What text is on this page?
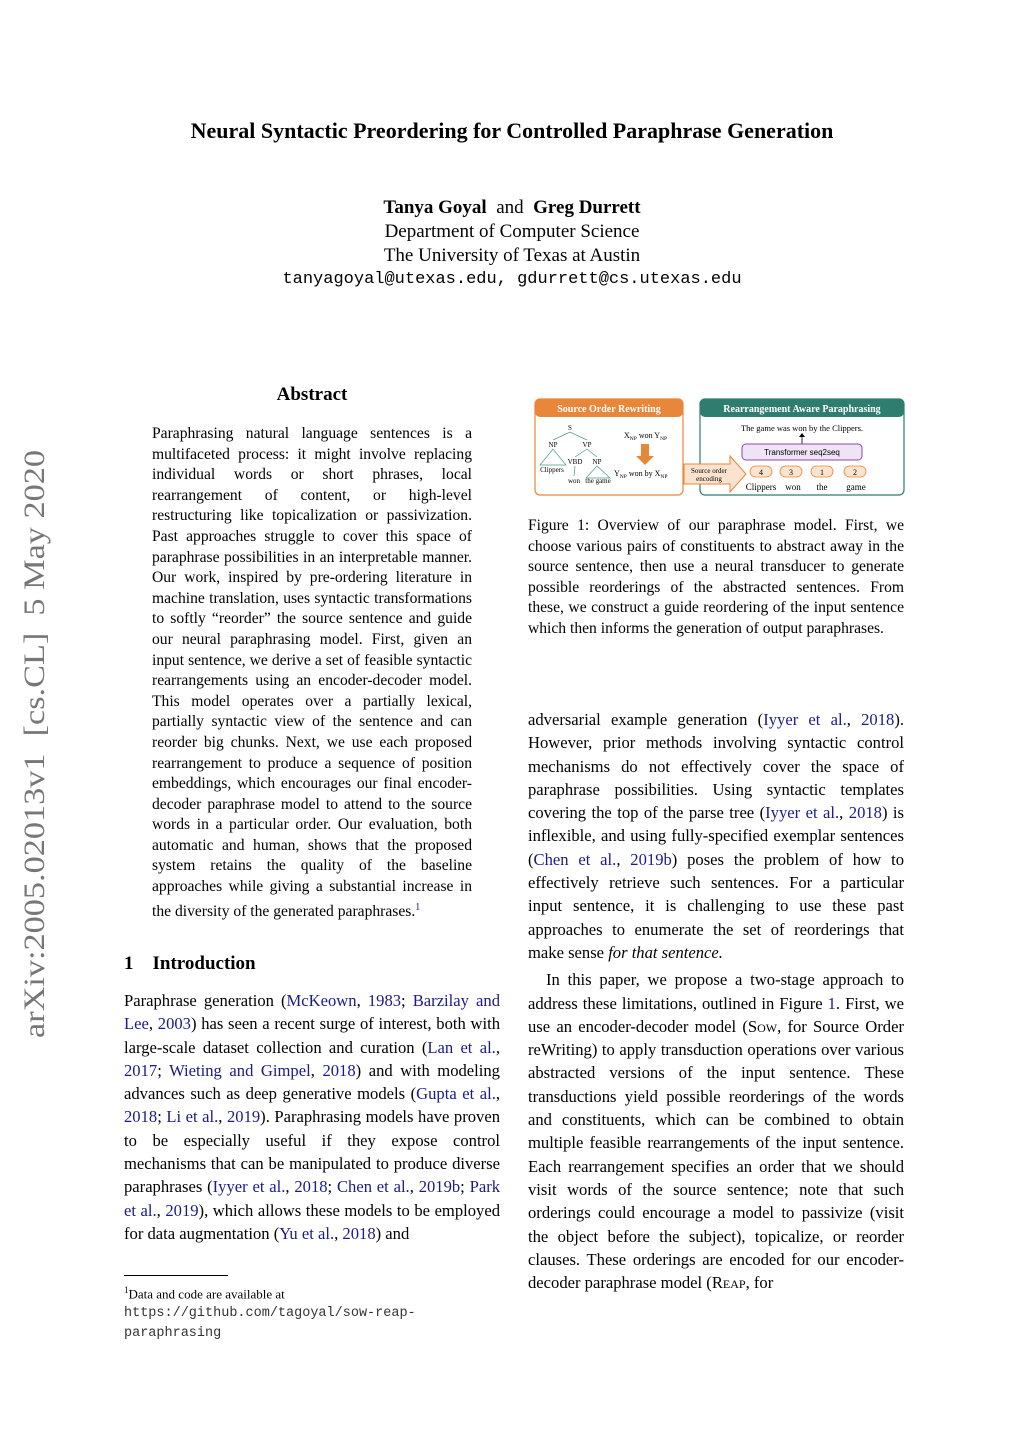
Neural Syntactic Preordering for Controlled Paraphrase Generation
Tanya Goyal and Greg Durrett
Department of Computer Science
The University of Texas at Austin
tanyagoyal@utexas.edu, gdurrett@cs.utexas.edu
arXiv:2005.02013v1  [cs.CL]  5 May 2020
Abstract
Paraphrasing natural language sentences is a multifaceted process: it might involve replacing individual words or short phrases, local rearrangement of content, or high-level restructuring like topicalization or passivization. Past approaches struggle to cover this space of paraphrase possibilities in an interpretable manner. Our work, inspired by pre-ordering literature in machine translation, uses syntactic transformations to softly “reorder” the source sentence and guide our neural paraphrasing model. First, given an input sentence, we derive a set of feasible syntactic rearrangements using an encoder-decoder model. This model operates over a partially lexical, partially syntactic view of the sentence and can reorder big chunks. Next, we use each proposed rearrangement to produce a sequence of position embeddings, which encourages our final encoder-decoder paraphrase model to attend to the source words in a particular order. Our evaluation, both automatic and human, shows that the proposed system retains the quality of the baseline approaches while giving a substantial increase in the diversity of the generated paraphrases.$^1$
1 Introduction
Paraphrase generation (McKeown, 1983; Barzilay and Lee, 2003) has seen a recent surge of interest, both with large-scale dataset collection and curation (Lan et al., 2017; Wieting and Gimpel, 2018) and with modeling advances such as deep generative models (Gupta et al., 2018; Li et al., 2019). Paraphrasing models have proven to be especially useful if they expose control mechanisms that can be manipulated to produce diverse paraphrases (Iyyer et al., 2018; Chen et al., 2019b; Park et al., 2019), which allows these models to be employed for data augmentation (Yu et al., 2018) and
$^1$Data and code are available at https://github.com/tagoyal/sow-reap-paraphrasing
Source Order Rewriting	Rearrangement Aware Paraphrasing
S
NP	VP
VBD NP
Clippers
won the game
$X_{NP}$ won $Y_{NP}$
$Y_{NP}$ won by $X_{NP}$
Source order
encoding
The game was won by the Clippers.
Transformer seq2seq
4	3	1	2
Clippers won the game
Figure 1: Overview of our paraphrase model. First, we choose various pairs of constituents to abstract away in the source sentence, then use a neural transducer to generate possible reorderings of the abstracted sentences. From these, we construct a guide reordering of the input sentence which then informs the generation of output paraphrases.

adversarial example generation (Iyyer et al., 2018). However, prior methods involving syntactic control mechanisms do not effectively cover the space of paraphrase possibilities. Using syntactic templates covering the top of the parse tree (Iyyer et al., 2018) is inflexible, and using fully-specified exemplar sentences (Chen et al., 2019b) poses the problem of how to effectively retrieve such sentences. For a particular input sentence, it is challenging to use these past approaches to enumerate the set of reorderings that make sense for that sentence.

In this paper, we propose a two-stage approach to address these limitations, outlined in Figure 1. First, we use an encoder-decoder model (Sow, for Source Order reWriting) to apply transduction operations over various abstracted versions of the input sentence. These transductions yield possible reorderings of the words and constituents, which can be combined to obtain multiple feasible rearrangements of the input sentence. Each rearrangement specifies an order that we should visit words of the source sentence; note that such orderings could encourage a model to passivize (visit the object before the subject), topicalize, or reorder clauses. These orderings are encoded for our encoder-decoder paraphrase model (Reap, for
